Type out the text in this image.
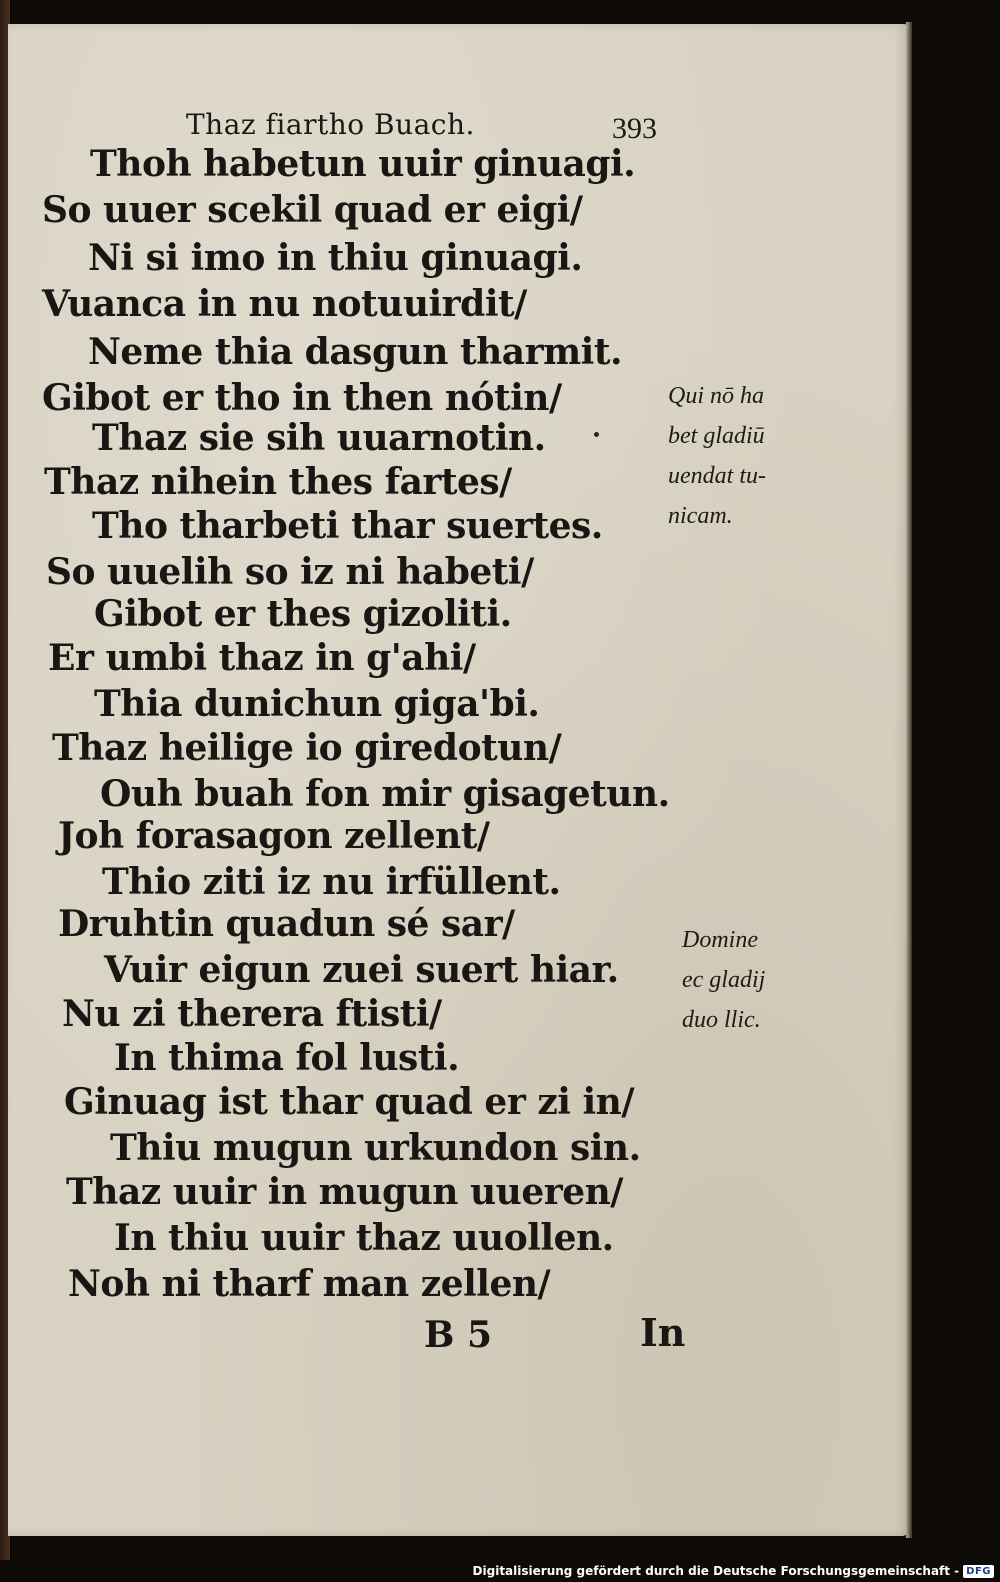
Thaz fiartho Buach.	393
Thoh habetun uuir ginuagi.
So uuer scekil quad er eigi/
Ni si imo in thiu ginuagi.
Vuanca in nu notuuirdit/
Neme thia dasgun tharmit.
Gibot er tho in then nótin/
Thaz sie sih uuarnotin.
Thaz nihein thes fartes/
Tho tharbeti thar suertes.
So uuelih so iz ni habeti/
Gibot er thes gizoliti.
Er umbi thaz in g'ahi/
Thia dunichun giga'bi.
Thaz heilige io giredotun/
Ouh buah fon mir gisagetun.
Joh forasagon zellent/
Thio ziti iz nu irfüllent.
Druhtin quadun sé sar/
Vuir eigun zuei suert hiar.
Nu zi therera ftisti/
In thima fol lusti.
Ginuag ist thar quad er zi in/
Thiu mugun urkundon sin.
Thaz uuir in mugun uueren/
In thiu uuir thaz uuollen.
Noh ni tharf man zellen/
Qui nō ha
bet gladiū
uendat tu-
nicam.
Domine
ec gladij
duo llic.
B 5	In
Digitalisierung gefördert durch die Deutsche Forschungsgemeinschaft - DFG
